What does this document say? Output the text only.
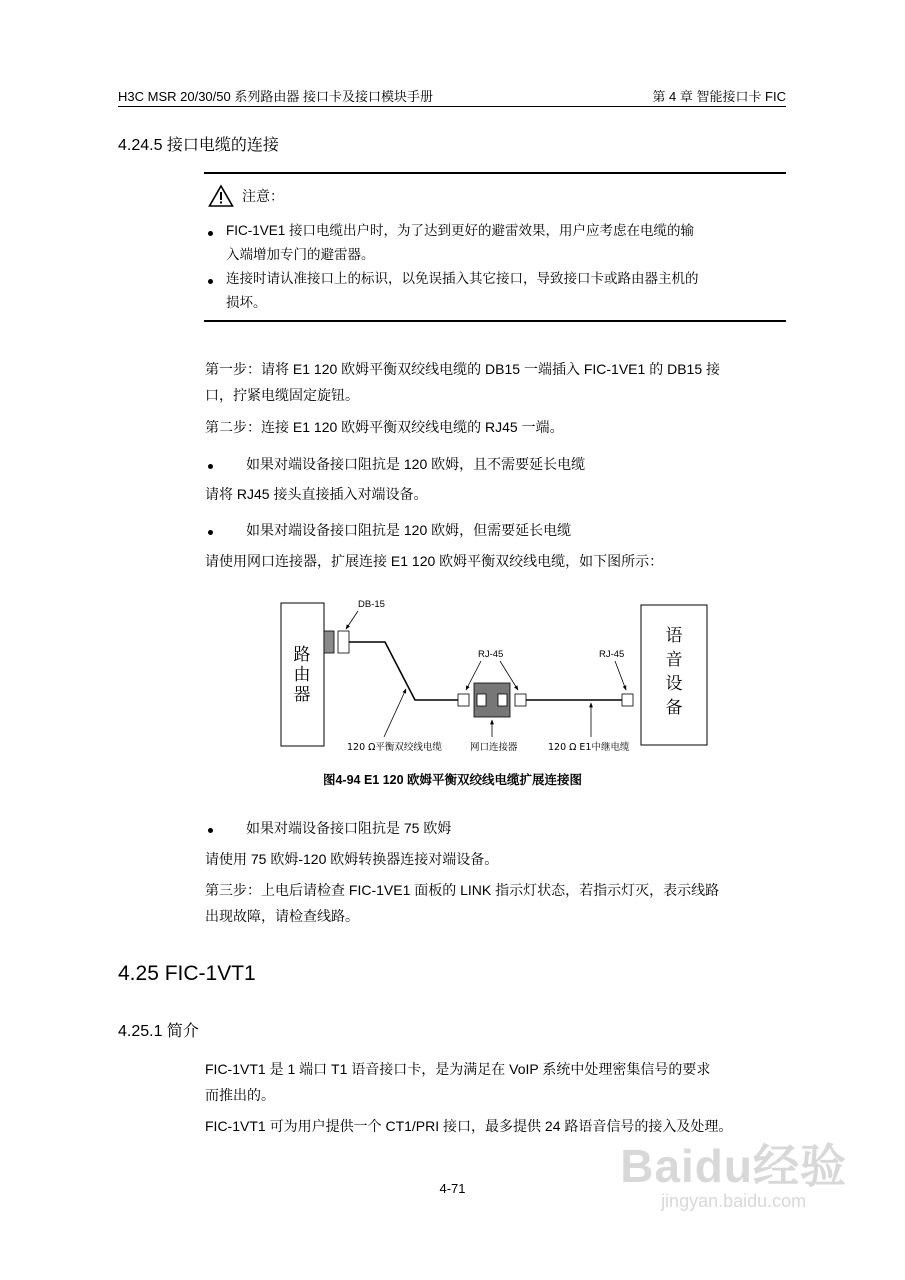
H3C MSR 20/30/50 系列路由器 接口卡及接口模块手册	第 4 章 智能接口卡 FIC
4.24.5 接口电缆的连接
注意：
FIC-1VE1 接口电缆出户时，为了达到更好的避雷效果，用户应考虑在电缆的输
入端增加专门的避雷器。
连接时请认准接口上的标识，以免误插入其它接口，导致接口卡或路由器主机的
损坏。
第一步：请将 E1 120 欧姆平衡双绞线电缆的 DB15 一端插入 FIC-1VE1 的 DB15 接
口，拧紧电缆固定旋钮。
第二步：连接 E1 120 欧姆平衡双绞线电缆的 RJ45 一端。
如果对端设备接口阻抗是 120 欧姆，且不需要延长电缆
请将 RJ45 接头直接插入对端设备。
如果对端设备接口阻抗是 120 欧姆，但需要延长电缆
请使用网口连接器，扩展连接 E1 120 欧姆平衡双绞线电缆，如下图所示：
路
由
器
DB-15
RJ-45	RJ-45
语
音
设
备
120 Ω平衡双绞线电缆	网口连接器	120 Ω E1中继电缆
图4-94 E1 120 欧姆平衡双绞线电缆扩展连接图
如果对端设备接口阻抗是 75 欧姆
请使用 75 欧姆-120 欧姆转换器连接对端设备。
第三步：上电后请检查 FIC-1VE1 面板的 LINK 指示灯状态，若指示灯灭，表示线路
出现故障，请检查线路。
4.25 FIC-1VT1
4.25.1 简介
FIC-1VT1 是 1 端口 T1 语音接口卡，是为满足在 VoIP 系统中处理密集信号的要求
而推出的。
FIC-1VT1 可为用户提供一个 CT1/PRI 接口，最多提供 24 路语音信号的接入及处理。
4-71	Baidu经验
jingyan.baidu.com
